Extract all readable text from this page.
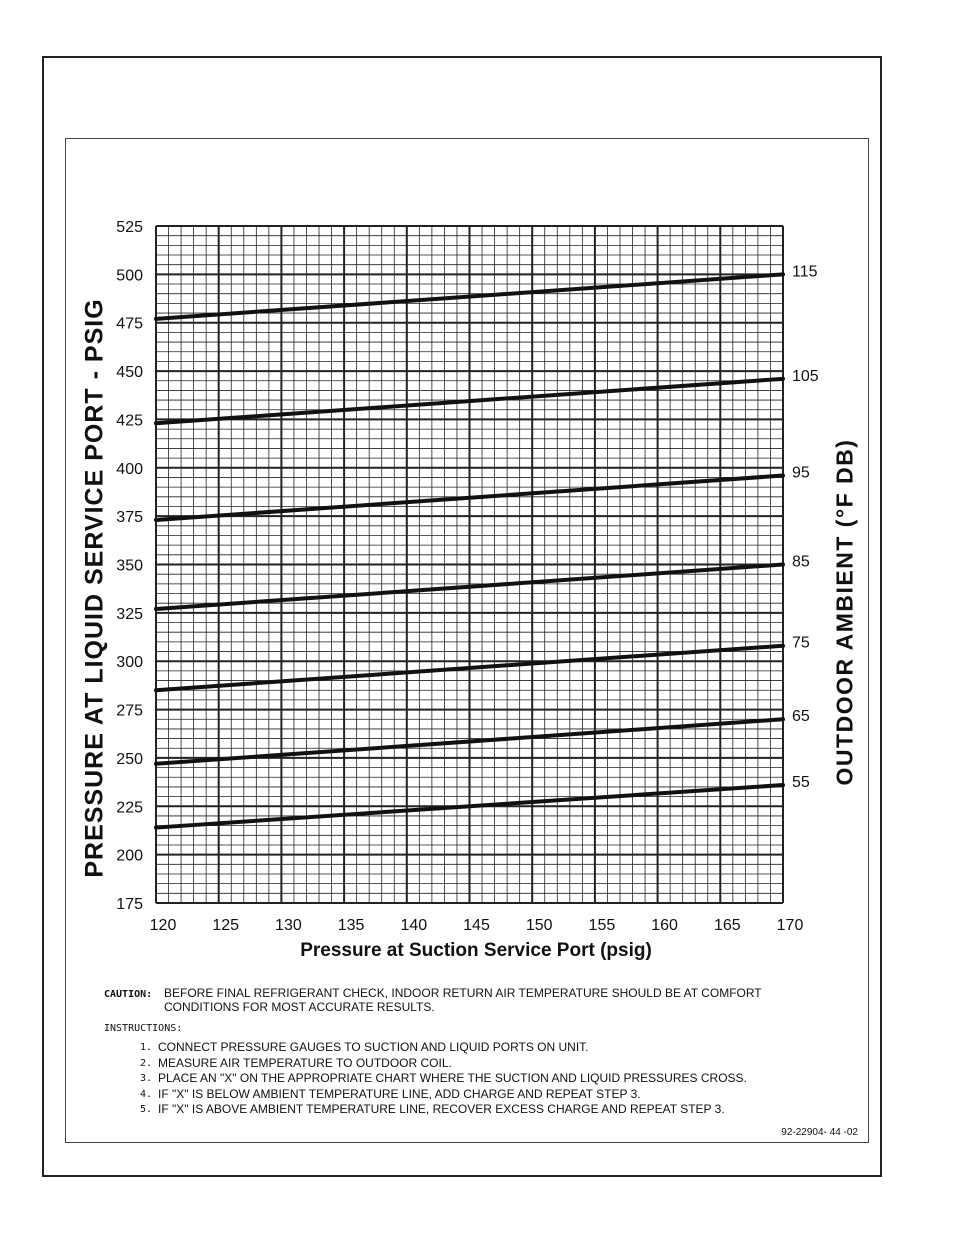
175
200
225
250
275
300
325
350
375
400
425
450
475
500
525
120 125 130 135 140 145 150 155 160 165 170
115
105
95
85
75
65
55
PRESSURE AT LIQUID SERVICE PORT - PSIG	OUTDOOR AMBIENT (°F DB)
Pressure at Suction Service Port (psig)
CAUTION: BEFORE FINAL REFRIGERANT CHECK, INDOOR RETURN AIR TEMPERATURE SHOULD BE AT COMFORT
CONDITIONS FOR MOST ACCURATE RESULTS.
INSTRUCTIONS:
1. CONNECT PRESSURE GAUGES TO SUCTION AND LIQUID PORTS ON UNIT.
2. MEASURE AIR TEMPERATURE TO OUTDOOR COIL.
3. PLACE AN "X" ON THE APPROPRIATE CHART WHERE THE SUCTION AND LIQUID PRESSURES CROSS.
4. IF "X" IS BELOW AMBIENT TEMPERATURE LINE, ADD CHARGE AND REPEAT STEP 3.
5. IF "X" IS ABOVE AMBIENT TEMPERATURE LINE, RECOVER EXCESS CHARGE AND REPEAT STEP 3.
92-22904- 44 -02
